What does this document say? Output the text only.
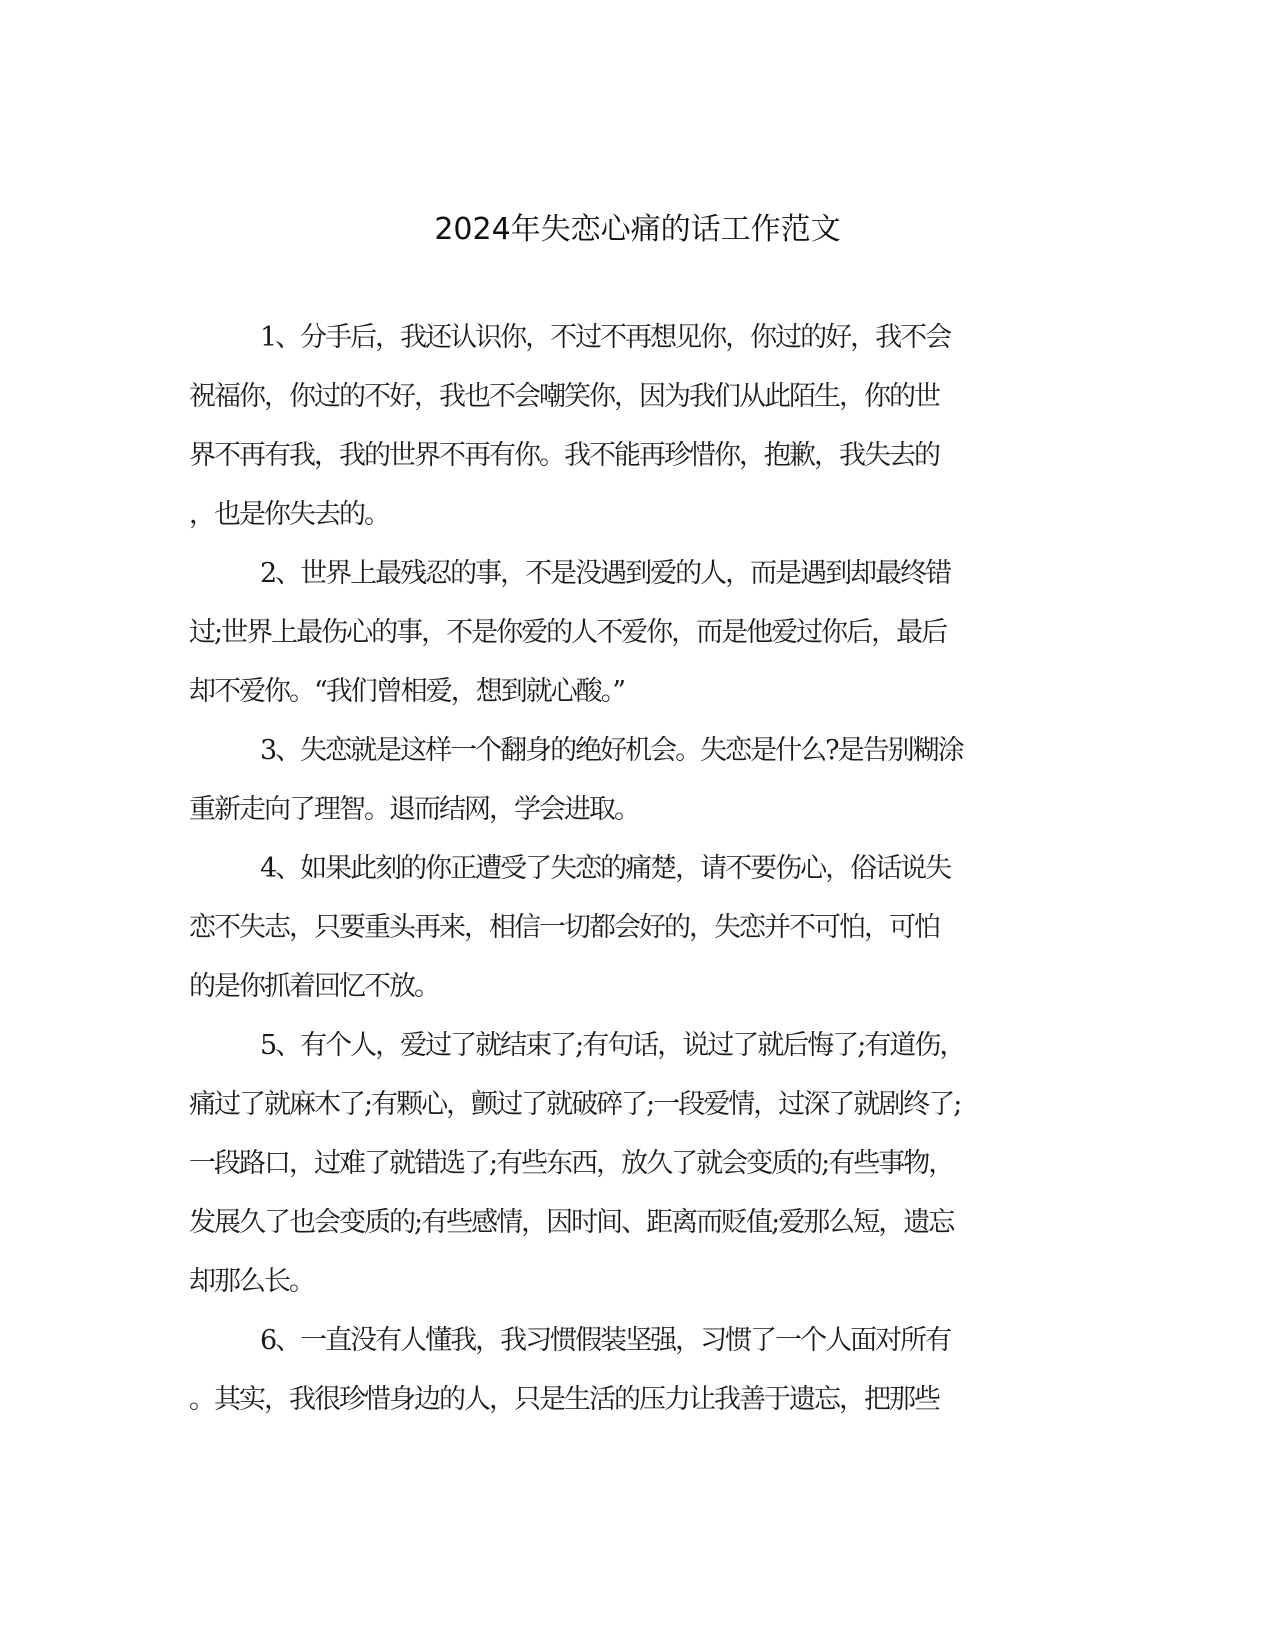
2024年失恋心痛的话工作范文
1、分手后，我还认识你，不过不再想见你，你过的好，我不会
祝福你，你过的不好，我也不会嘲笑你，因为我们从此陌生，你的世
界不再有我，我的世界不再有你。我不能再珍惜你，抱歉，我失去的
，也是你失去的。
2、世界上最残忍的事，不是没遇到爱的人，而是遇到却最终错
过;世界上最伤心的事，不是你爱的人不爱你，而是他爱过你后，最后
却不爱你。“我们曾相爱，想到就心酸。”
3、失恋就是这样一个翻身的绝好机会。失恋是什么?是告别糊涂
重新走向了理智。退而结网，学会进取。
4、如果此刻的你正遭受了失恋的痛楚，请不要伤心，俗话说失
恋不失志，只要重头再来，相信一切都会好的，失恋并不可怕，可怕
的是你抓着回忆不放。
5、有个人，爱过了就结束了;有句话，说过了就后悔了;有道伤，
痛过了就麻木了;有颗心，颤过了就破碎了;一段爱情，过深了就剧终了;
一段路口，过难了就错选了;有些东西，放久了就会变质的;有些事物，
发展久了也会变质的;有些感情，因时间、距离而贬值;爱那么短，遗忘
却那么长。
6、一直没有人懂我，我习惯假装坚强，习惯了一个人面对所有
。其实，我很珍惜身边的人，只是生活的压力让我善于遗忘，把那些
